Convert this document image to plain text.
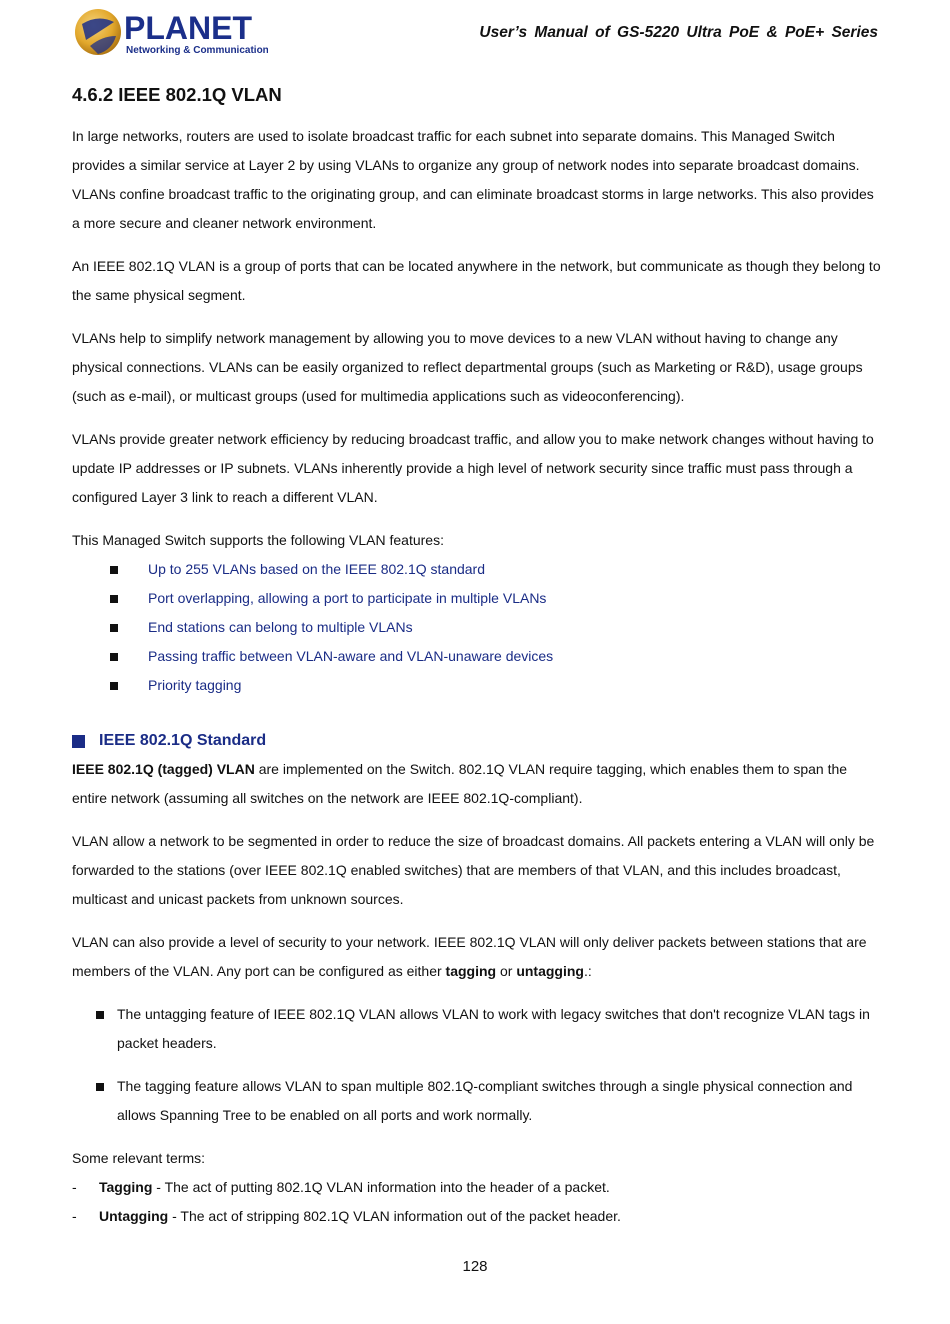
PLANET
Networking & Communication
User’s Manual of GS-5220 Ultra PoE & PoE+ Series
4.6.2 IEEE 802.1Q VLAN

In large networks, routers are used to isolate broadcast traffic for each subnet into separate domains. This Managed Switch provides a similar service at Layer 2 by using VLANs to organize any group of network nodes into separate broadcast domains. VLANs confine broadcast traffic to the originating group, and can eliminate broadcast storms in large networks. This also provides a more secure and cleaner network environment.

An IEEE 802.1Q VLAN is a group of ports that can be located anywhere in the network, but communicate as though they belong to the same physical segment.

VLANs help to simplify network management by allowing you to move devices to a new VLAN without having to change any physical connections. VLANs can be easily organized to reflect departmental groups (such as Marketing or R&D), usage groups (such as e-mail), or multicast groups (used for multimedia applications such as videoconferencing).

VLANs provide greater network efficiency by reducing broadcast traffic, and allow you to make network changes without having to update IP addresses or IP subnets. VLANs inherently provide a high level of network security since traffic must pass through a configured Layer 3 link to reach a different VLAN.

This Managed Switch supports the following VLAN features:

Up to 255 VLANs based on the IEEE 802.1Q standard
Port overlapping, allowing a port to participate in multiple VLANs
End stations can belong to multiple VLANs
Passing traffic between VLAN-aware and VLAN-unaware devices
Priority tagging
IEEE 802.1Q Standard

IEEE 802.1Q (tagged) VLAN are implemented on the Switch. 802.1Q VLAN require tagging, which enables them to span the entire network (assuming all switches on the network are IEEE 802.1Q-compliant).

VLAN allow a network to be segmented in order to reduce the size of broadcast domains. All packets entering a VLAN will only be forwarded to the stations (over IEEE 802.1Q enabled switches) that are members of that VLAN, and this includes broadcast, multicast and unicast packets from unknown sources.

VLAN can also provide a level of security to your network. IEEE 802.1Q VLAN will only deliver packets between stations that are members of the VLAN. Any port can be configured as either tagging or untagging.:

The untagging feature of IEEE 802.1Q VLAN allows VLAN to work with legacy switches that don't recognize VLAN tags in packet headers.
The tagging feature allows VLAN to span multiple 802.1Q-compliant switches through a single physical connection and allows Spanning Tree to be enabled on all ports and work normally.

Some relevant terms:

- Tagging - The act of putting 802.1Q VLAN information into the header of a packet.
- Untagging - The act of stripping 802.1Q VLAN information out of the packet header.
128
